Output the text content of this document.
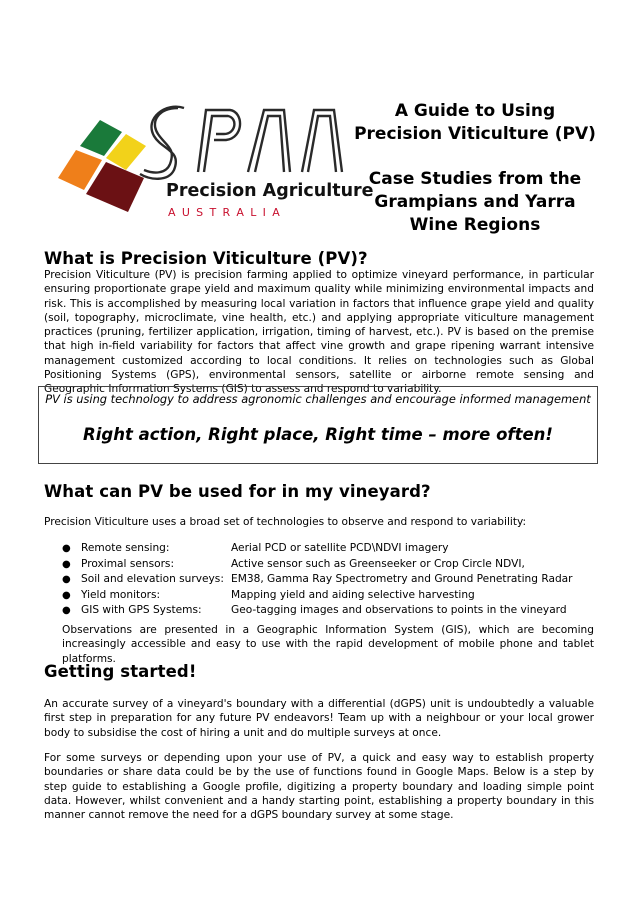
Precision Agriculture
A U S T R A L I A

A Guide to Using

Precision Viticulture (PV)

Case Studies from the

Grampians and Yarra

Wine Regions

What is Precision Viticulture (PV)?

Precision Viticulture (PV) is precision farming applied to optimize vineyard performance, in particular ensuring proportionate grape yield and maximum quality while minimizing environmental impacts and risk. This is accomplished by measuring local variation in factors that influence grape yield and quality (soil, topography, microclimate, vine health, etc.) and applying appropriate viticulture management practices (pruning, fertilizer application, irrigation, timing of harvest, etc.). PV is based on the premise that high in-field variability for factors that affect vine growth and grape ripening warrant intensive management customized according to local conditions. It relies on technologies such as Global Positioning Systems (GPS), environmental sensors, satellite or airborne remote sensing and Geographic Information Systems (GIS) to assess and respond to variability.

PV is using technology to address agronomic challenges and encourage informed management
Right action, Right place, Right time – more often!
What can PV be used for in my vineyard?

Precision Viticulture uses a broad set of technologies to observe and respond to variability:

● Remote sensing:	Aerial PCD or satellite PCD\NDVI imagery
● Proximal sensors:	Active sensor such as Greenseeker or Crop Circle NDVI,
● Soil and elevation surveys: EM38, Gamma Ray Spectrometry and Ground Penetrating Radar
● Yield monitors:	Mapping yield and aiding selective harvesting
● GIS with GPS Systems:	Geo-tagging images and observations to points in the vineyard

Observations are presented in a Geographic Information System (GIS), which are becoming increasingly accessible and easy to use with the rapid development of mobile phone and tablet platforms.

Getting started!

An accurate survey of a vineyard's boundary with a differential (dGPS) unit is undoubtedly a valuable first step in preparation for any future PV endeavors! Team up with a neighbour or your local grower body to subsidise the cost of hiring a unit and do multiple surveys at once.

For some surveys or depending upon your use of PV, a quick and easy way to establish property boundaries or share data could be by the use of functions found in Google Maps. Below is a step by step guide to establishing a Google profile, digitizing a property boundary and loading simple point data. However, whilst convenient and a handy starting point, establishing a property boundary in this manner cannot remove the need for a dGPS boundary survey at some stage.
